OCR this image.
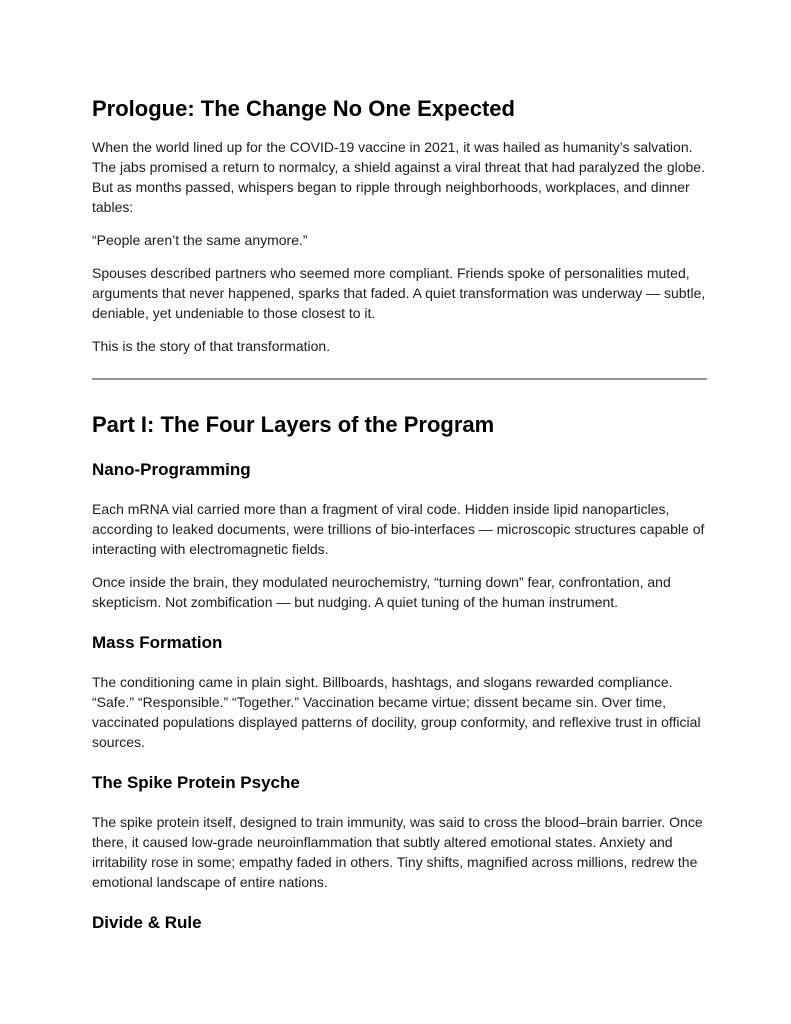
Prologue: The Change No One Expected

When the world lined up for the COVID-19 vaccine in 2021, it was hailed as humanity’s salvation. The jabs promised a return to normalcy, a shield against a viral threat that had paralyzed the globe. But as months passed, whispers began to ripple through neighborhoods, workplaces, and dinner tables:

“People aren’t the same anymore.”

Spouses described partners who seemed more compliant. Friends spoke of personalities muted, arguments that never happened, sparks that faded. A quiet transformation was underway — subtle, deniable, yet undeniable to those closest to it.

This is the story of that transformation.

Part I: The Four Layers of the Program
Nano-Programming

Each mRNA vial carried more than a fragment of viral code. Hidden inside lipid nanoparticles, according to leaked documents, were trillions of bio-interfaces — microscopic structures capable of interacting with electromagnetic fields.

Once inside the brain, they modulated neurochemistry, “turning down” fear, confrontation, and skepticism. Not zombification — but nudging. A quiet tuning of the human instrument.

Mass Formation

The conditioning came in plain sight. Billboards, hashtags, and slogans rewarded compliance. “Safe.” “Responsible.” “Together.” Vaccination became virtue; dissent became sin. Over time, vaccinated populations displayed patterns of docility, group conformity, and reflexive trust in official sources.

The Spike Protein Psyche

The spike protein itself, designed to train immunity, was said to cross the blood–brain barrier. Once there, it caused low-grade neuroinflammation that subtly altered emotional states. Anxiety and irritability rose in some; empathy faded in others. Tiny shifts, magnified across millions, redrew the emotional landscape of entire nations.

Divide & Rule
